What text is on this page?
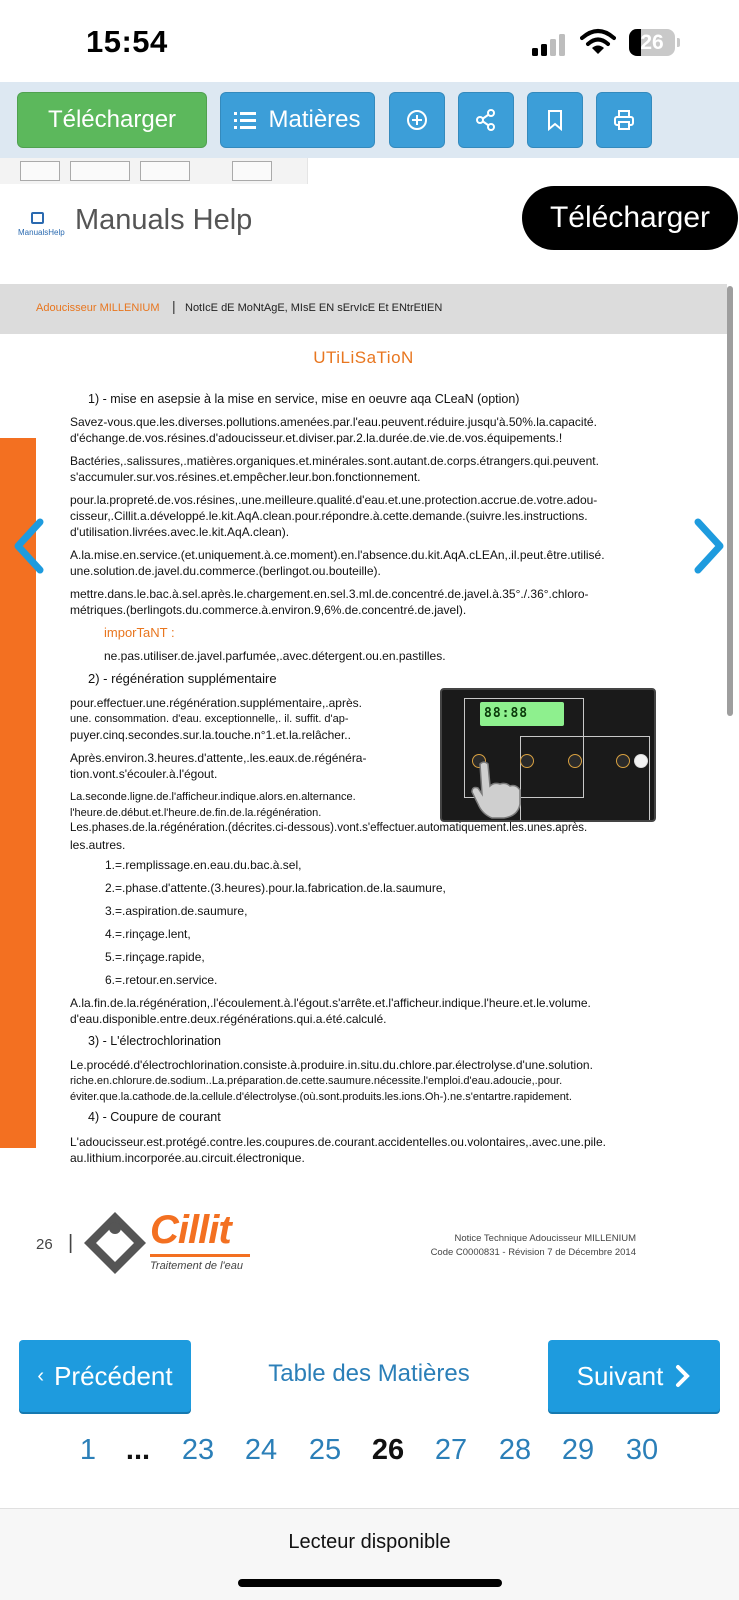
15:54	26
Télécharger	Matières
ManualsHelp Manuals Help	Télécharger
Adoucisseur MILLENIUM | NotIcE dE MoNtAgE, MIsE EN sErvIcE Et ENtrEtIEN
UTiLiSaTioN
1) - mise en asepsie à la mise en service, mise en oeuvre aqa CLeaN (option)
Savez-vous.que.les.diverses.pollutions.amenées.par.l'eau.peuvent.réduire.jusqu'à.50%.la.capacité.
d'échange.de.vos.résines.d'adoucisseur.et.diviser.par.2.la.durée.de.vie.de.vos.équipements.!
Bactéries,.salissures,.matières.organiques.et.minérales.sont.autant.de.corps.étrangers.qui.peuvent.
s'accumuler.sur.vos.résines.et.empêcher.leur.bon.fonctionnement.
pour.la.propreté.de.vos.résines,.une.meilleure.qualité.d'eau.et.une.protection.accrue.de.votre.adou-
cisseur,.Cillit.a.développé.le.kit.AqA.clean.pour.répondre.à.cette.demande.(suivre.les.instructions.
d'utilisation.livrées.avec.le.kit.AqA.clean).
A.la.mise.en.service.(et.uniquement.à.ce.moment).en.l'absence.du.kit.AqA.cLEAn,.il.peut.être.utilisé.
une.solution.de.javel.du.commerce.(berlingot.ou.bouteille).
mettre.dans.le.bac.à.sel.après.le.chargement.en.sel.3.ml.de.concentré.de.javel.à.35°./.36°.chloro-
métriques.(berlingots.du.commerce.à.environ.9,6%.de.concentré.de.javel).
imporTaNT :
ne.pas.utiliser.de.javel.parfumée,.avec.détergent.ou.en.pastilles.
2) - régénération supplémentaire
pour.effectuer.une.régénération.supplémentaire,.après.
une. consommation. d'eau. exceptionnelle,. il. suffit. d'ap-
puyer.cinq.secondes.sur.la.touche.n°1.et.la.relâcher..
Après.environ.3.heures.d'attente,.les.eaux.de.régénéra-
tion.vont.s'écouler.à.l'égout.
La.seconde.ligne.de.l'afficheur.indique.alors.en.alternance.
l'heure.de.début.et.l'heure.de.fin.de.la.régénération.
88:88
Les.phases.de.la.régénération.(décrites.ci-dessous).vont.s'effectuer.automatiquement.les.unes.après.
les.autres.
1.=.remplissage.en.eau.du.bac.à.sel,
2.=.phase.d'attente.(3.heures).pour.la.fabrication.de.la.saumure,
3.=.aspiration.de.saumure,
4.=.rinçage.lent,
5.=.rinçage.rapide,
6.=.retour.en.service.
A.la.fin.de.la.régénération,.l'écoulement.à.l'égout.s'arrête.et.l'afficheur.indique.l'heure.et.le.volume.
d'eau.disponible.entre.deux.régénérations.qui.a.été.calculé.
3) - L'électrochlorination
Le.procédé.d'électrochlorination.consiste.à.produire.in.situ.du.chlore.par.électrolyse.d'une.solution.
riche.en.chlorure.de.sodium..La.préparation.de.cette.saumure.nécessite.l'emploi.d'eau.adoucie,.pour.
éviter.que.la.cathode.de.la.cellule.d'électrolyse.(où.sont.produits.les.ions.Oh-).ne.s'entartre.rapidement.
4) - Coupure de courant
L'adoucisseur.est.protégé.contre.les.coupures.de.courant.accidentelles.ou.volontaires,.avec.une.pile.
au.lithium.incorporée.au.circuit.électronique.
26 | Cillit
Traitement de l'eau
Notice Technique Adoucisseur MILLENIUM
Code C0000831 - Révision 7 de Décembre 2014
‹ Précédent	Table des Matières	Suivant
1	... 23 24 25 26 27 28 29 30
Lecteur disponible
